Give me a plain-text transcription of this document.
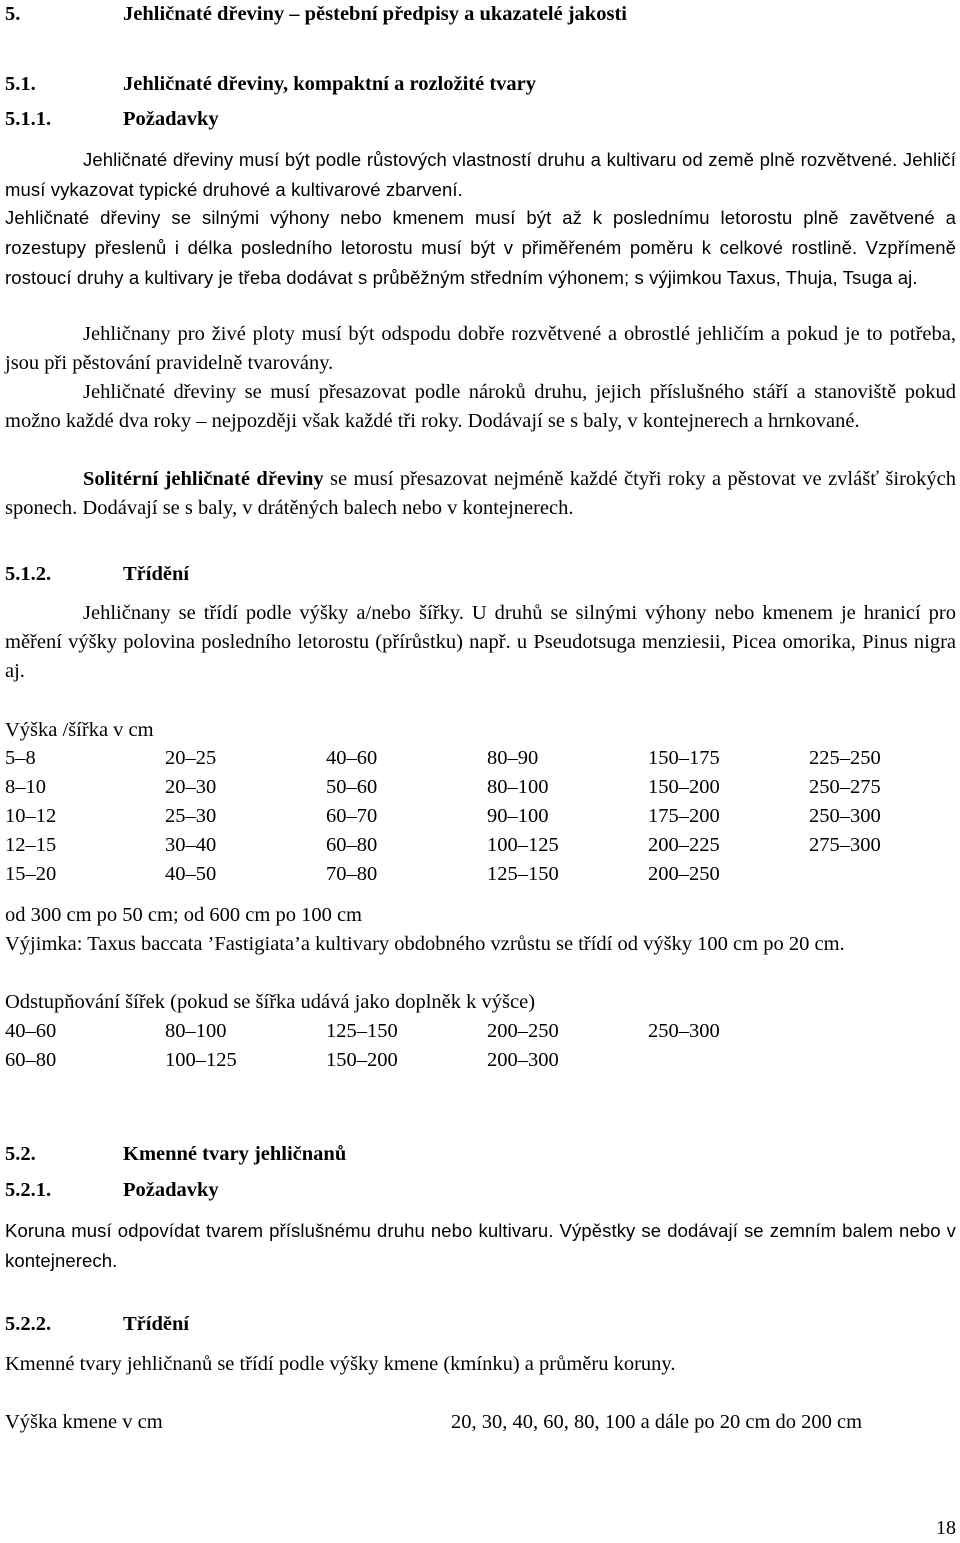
5.	Jehličnaté dřeviny – pěstební předpisy a ukazatelé jakosti
5.1.	Jehličnaté dřeviny, kompaktní a rozložité tvary
5.1.1.	Požadavky
Jehličnaté dřeviny musí být podle růstových vlastností druhu a kultivaru od země plně rozvětvené. Jehličí musí vykazovat typické druhové a kultivarové zbarvení.
Jehličnaté dřeviny se silnými výhony nebo kmenem musí být až k poslednímu letorostu plně zavětvené a rozestupy přeslenů i délka posledního letorostu musí být v přiměřeném poměru k celkové rostlině. Vzpřímeně rostoucí druhy a kultivary je třeba dodávat s průběžným středním výhonem; s výjimkou Taxus, Thuja, Tsuga aj.
Jehličnany pro živé ploty musí být odspodu dobře rozvětvené a obrostlé jehličím a pokud je to potřeba, jsou při pěstování pravidelně tvarovány.
Jehličnaté dřeviny se musí přesazovat podle nároků druhu, jejich příslušného stáří a stanoviště pokud možno každé dva roky – nejpozději však každé tři roky. Dodávají se s baly, v kontejnerech a hrnkované.
Solitérní jehličnaté dřeviny se musí přesazovat nejméně každé čtyři roky a pěstovat ve zvlášť širokých sponech. Dodávají se s baly, v drátěných balech nebo v kontejnerech.
5.1.2.	Třídění
Jehličnany se třídí podle výšky a/nebo šířky. U druhů se silnými výhony nebo kmenem je hranicí pro měření výšky polovina posledního letorostu (přírůstku) např. u Pseudotsuga menziesii, Picea omorika, Pinus nigra aj.
Výška /šířka v cm
5–8	20–25	40–60	80–90	150–175	225–250
8–10	20–30	50–60	80–100	150–200	250–275
10–12	25–30	60–70	90–100	175–200	250–300
12–15	30–40	60–80	100–125	200–225	275–300
15–20	40–50	70–80	125–150	200–250
od 300 cm po 50 cm; od 600 cm po 100 cm
Výjimka: Taxus baccata ’Fastigiata’a kultivary obdobného vzrůstu se třídí od výšky 100 cm po 20 cm.
Odstupňování šířek (pokud se šířka udává jako doplněk k výšce)
40–60	80–100	125–150	200–250	250–300
60–80	100–125	150–200	200–300
5.2.	Kmenné tvary jehličnanů
5.2.1.	Požadavky
Koruna musí odpovídat tvarem příslušnému druhu nebo kultivaru. Výpěstky se dodávají se zemním balem nebo v kontejnerech.
5.2.2.	Třídění
Kmenné tvary jehličnanů se třídí podle výšky kmene (kmínku) a průměru koruny.
Výška kmene v cm	20, 30, 40, 60, 80, 100 a dále po 20 cm do 200 cm
18
